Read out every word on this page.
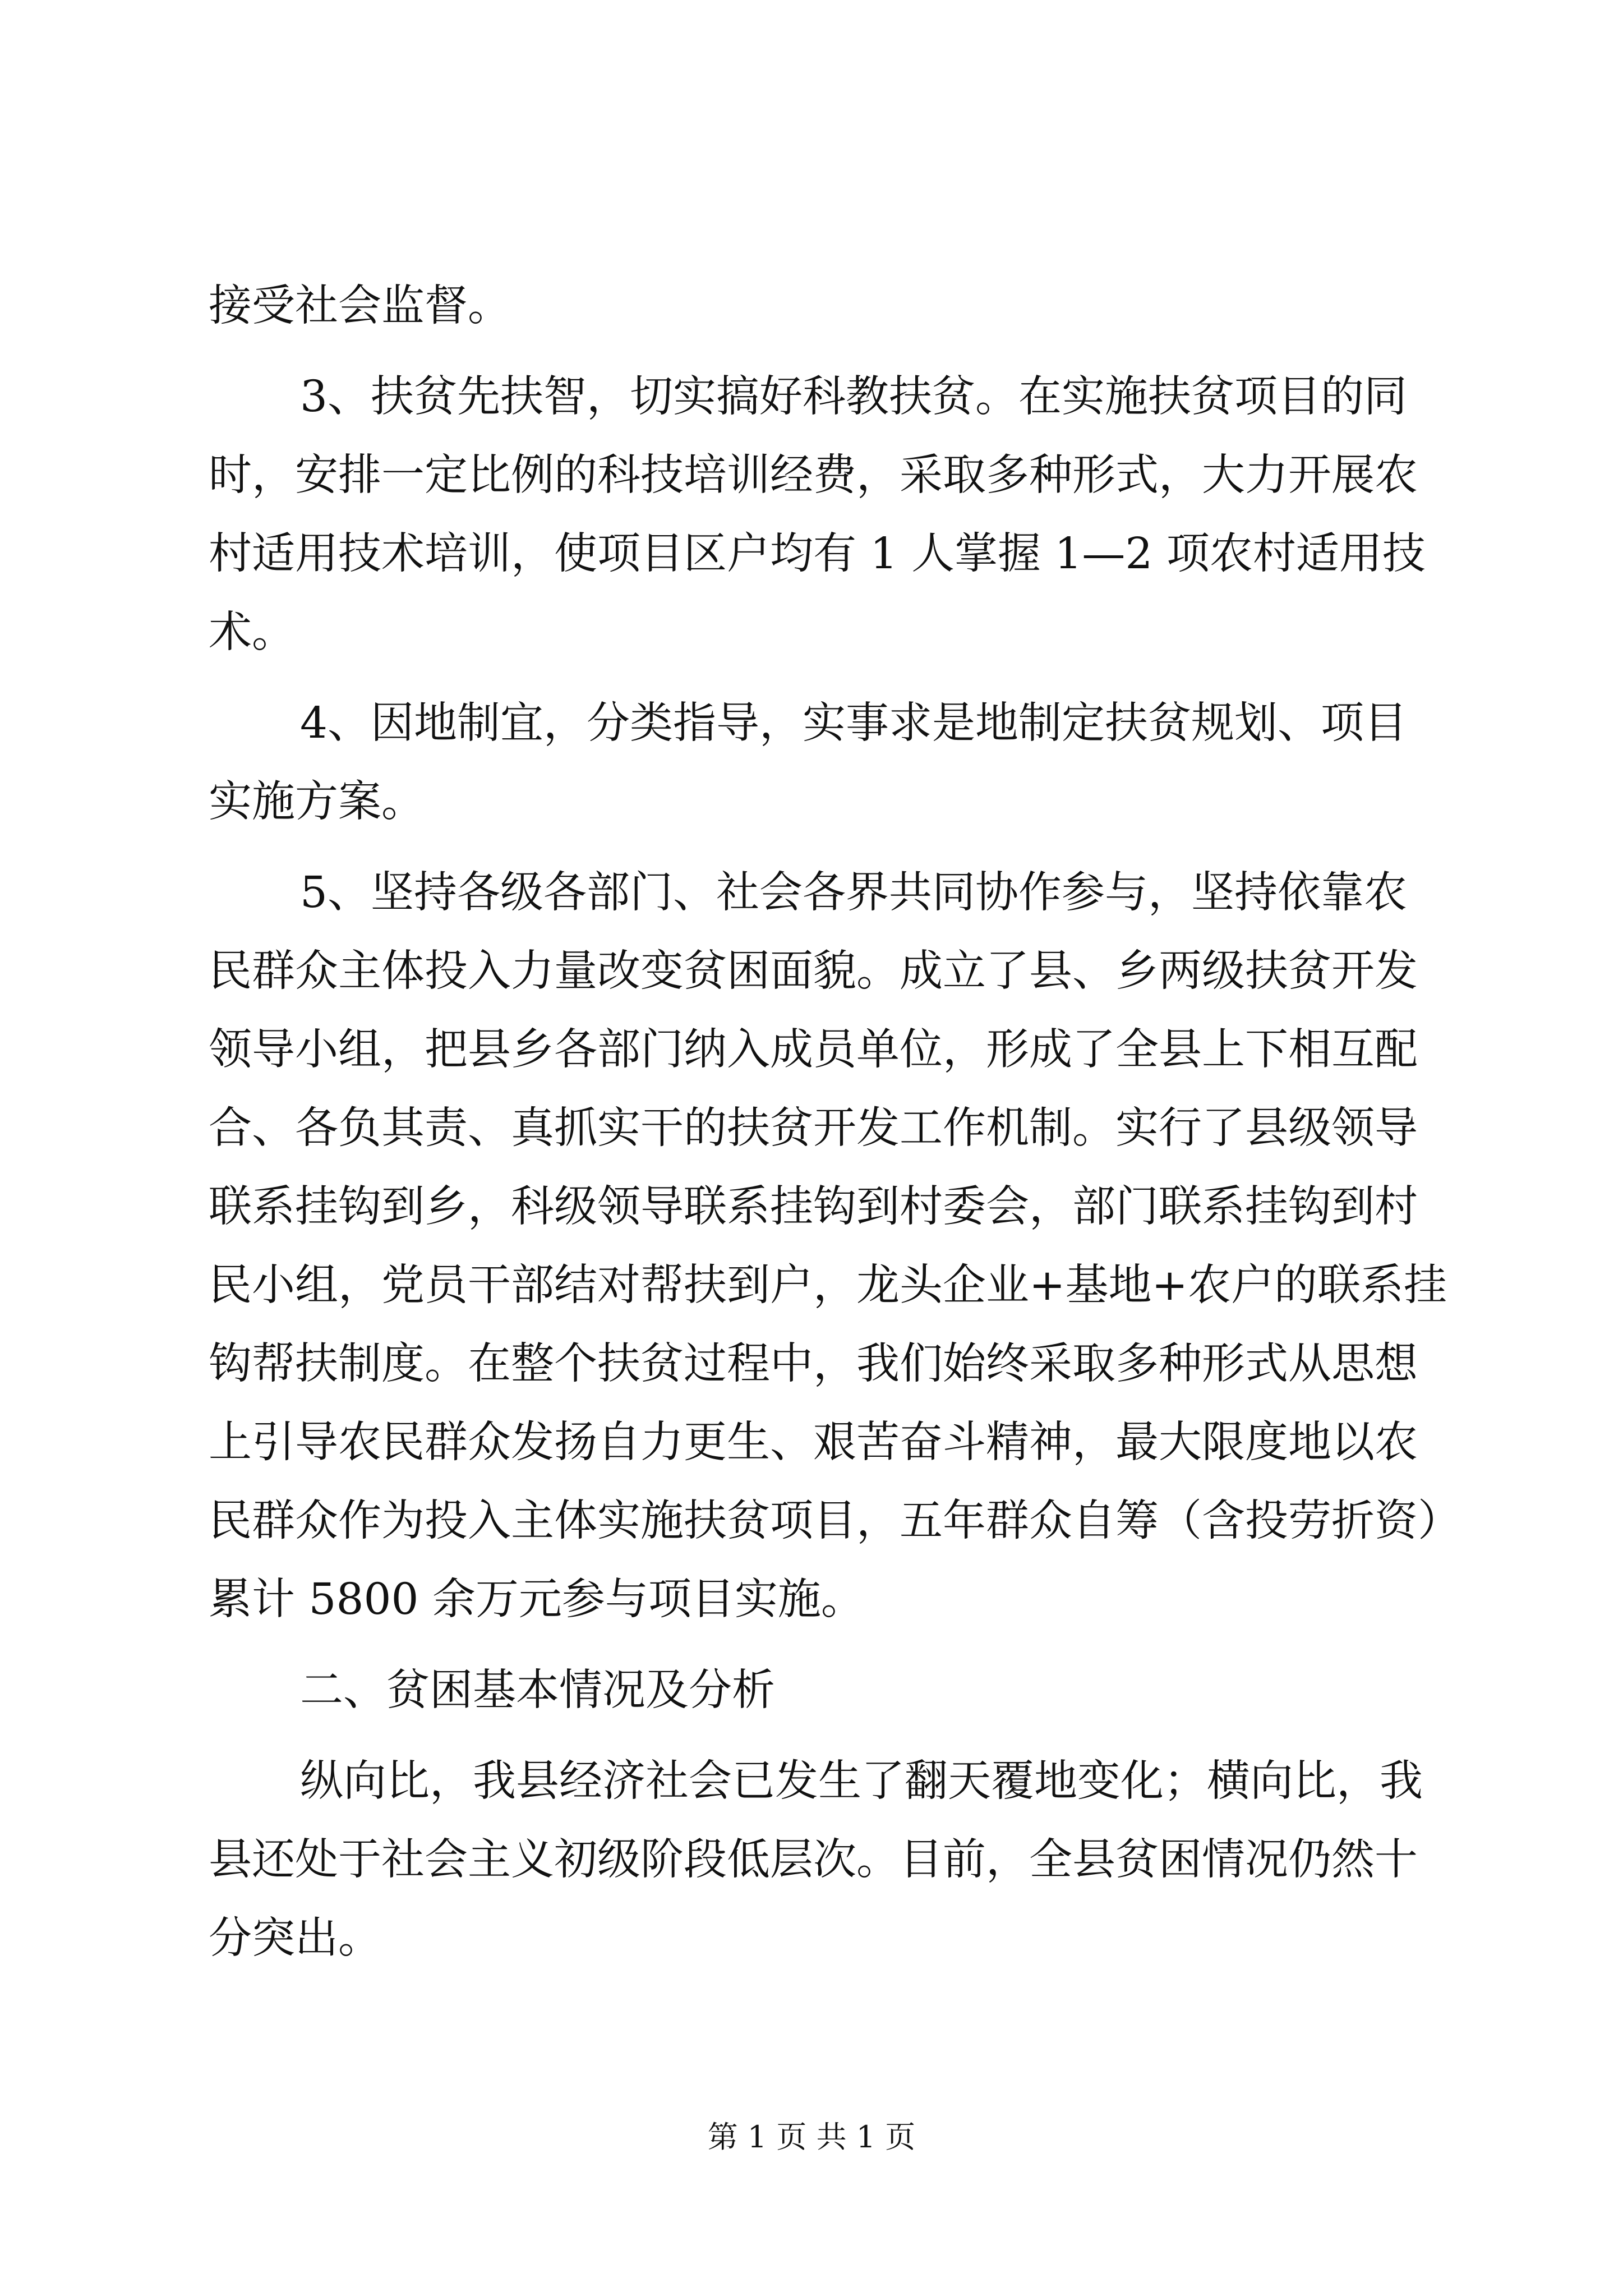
接受社会监督。

3、扶贫先扶智，切实搞好科教扶贫。在实施扶贫项目的同

时，安排一定比例的科技培训经费，采取多种形式，大力开展农

村适用技术培训，使项目区户均有 1 人掌握 1—2 项农村适用技

术。

4、因地制宜，分类指导，实事求是地制定扶贫规划、项目

实施方案。

5、坚持各级各部门、社会各界共同协作参与，坚持依靠农

民群众主体投入力量改变贫困面貌。成立了县、乡两级扶贫开发

领导小组，把县乡各部门纳入成员单位，形成了全县上下相互配

合、各负其责、真抓实干的扶贫开发工作机制。实行了县级领导

联系挂钩到乡，科级领导联系挂钩到村委会，部门联系挂钩到村

民小组，党员干部结对帮扶到户，龙头企业+基地+农户的联系挂

钩帮扶制度。在整个扶贫过程中，我们始终采取多种形式从思想

上引导农民群众发扬自力更生、艰苦奋斗精神，最大限度地以农

民群众作为投入主体实施扶贫项目，五年群众自筹（含投劳折资）

累计 5800 余万元参与项目实施。

二、贫困基本情况及分析

纵向比，我县经济社会已发生了翻天覆地变化；横向比，我

县还处于社会主义初级阶段低层次。目前，全县贫困情况仍然十

分突出。

第 1 页 共 1 页
